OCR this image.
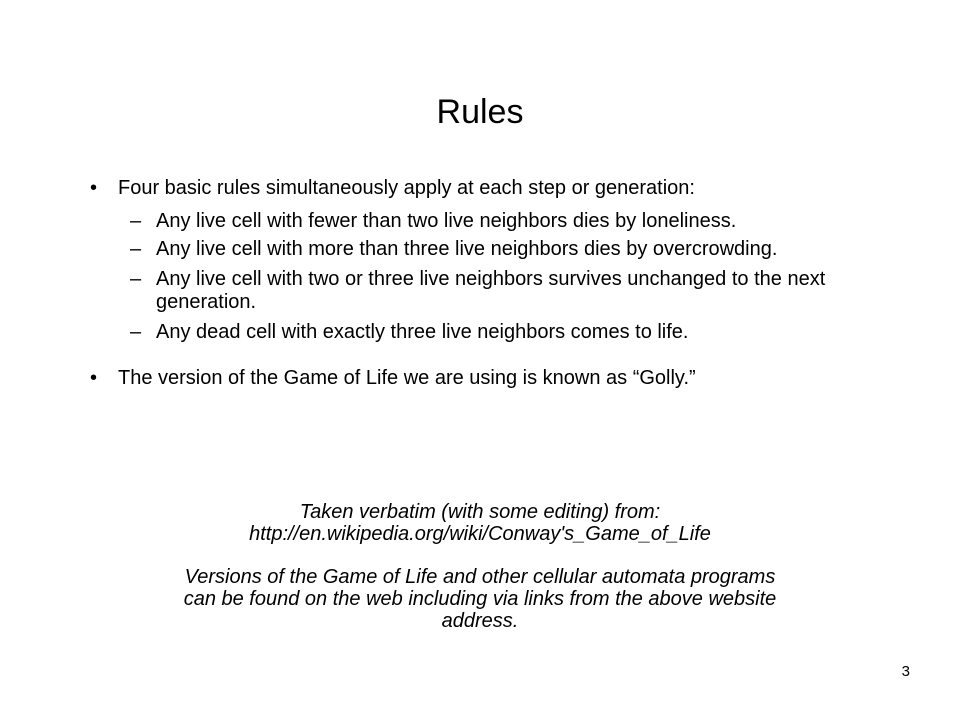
Rules
• Four basic rules simultaneously apply at each step or generation:
– Any live cell with fewer than two live neighbors dies by loneliness.
– Any live cell with more than three live neighbors dies by overcrowding.
– Any live cell with two or three live neighbors survives unchanged to the next generation.
– Any dead cell with exactly three live neighbors comes to life.
• The version of the Game of Life we are using is known as “Golly.”
Taken verbatim (with some editing) from:
http://en.wikipedia.org/wiki/Conway's_Game_of_Life
Versions of the Game of Life and other cellular automata programs
can be found on the web including via links from the above website
address.
3
